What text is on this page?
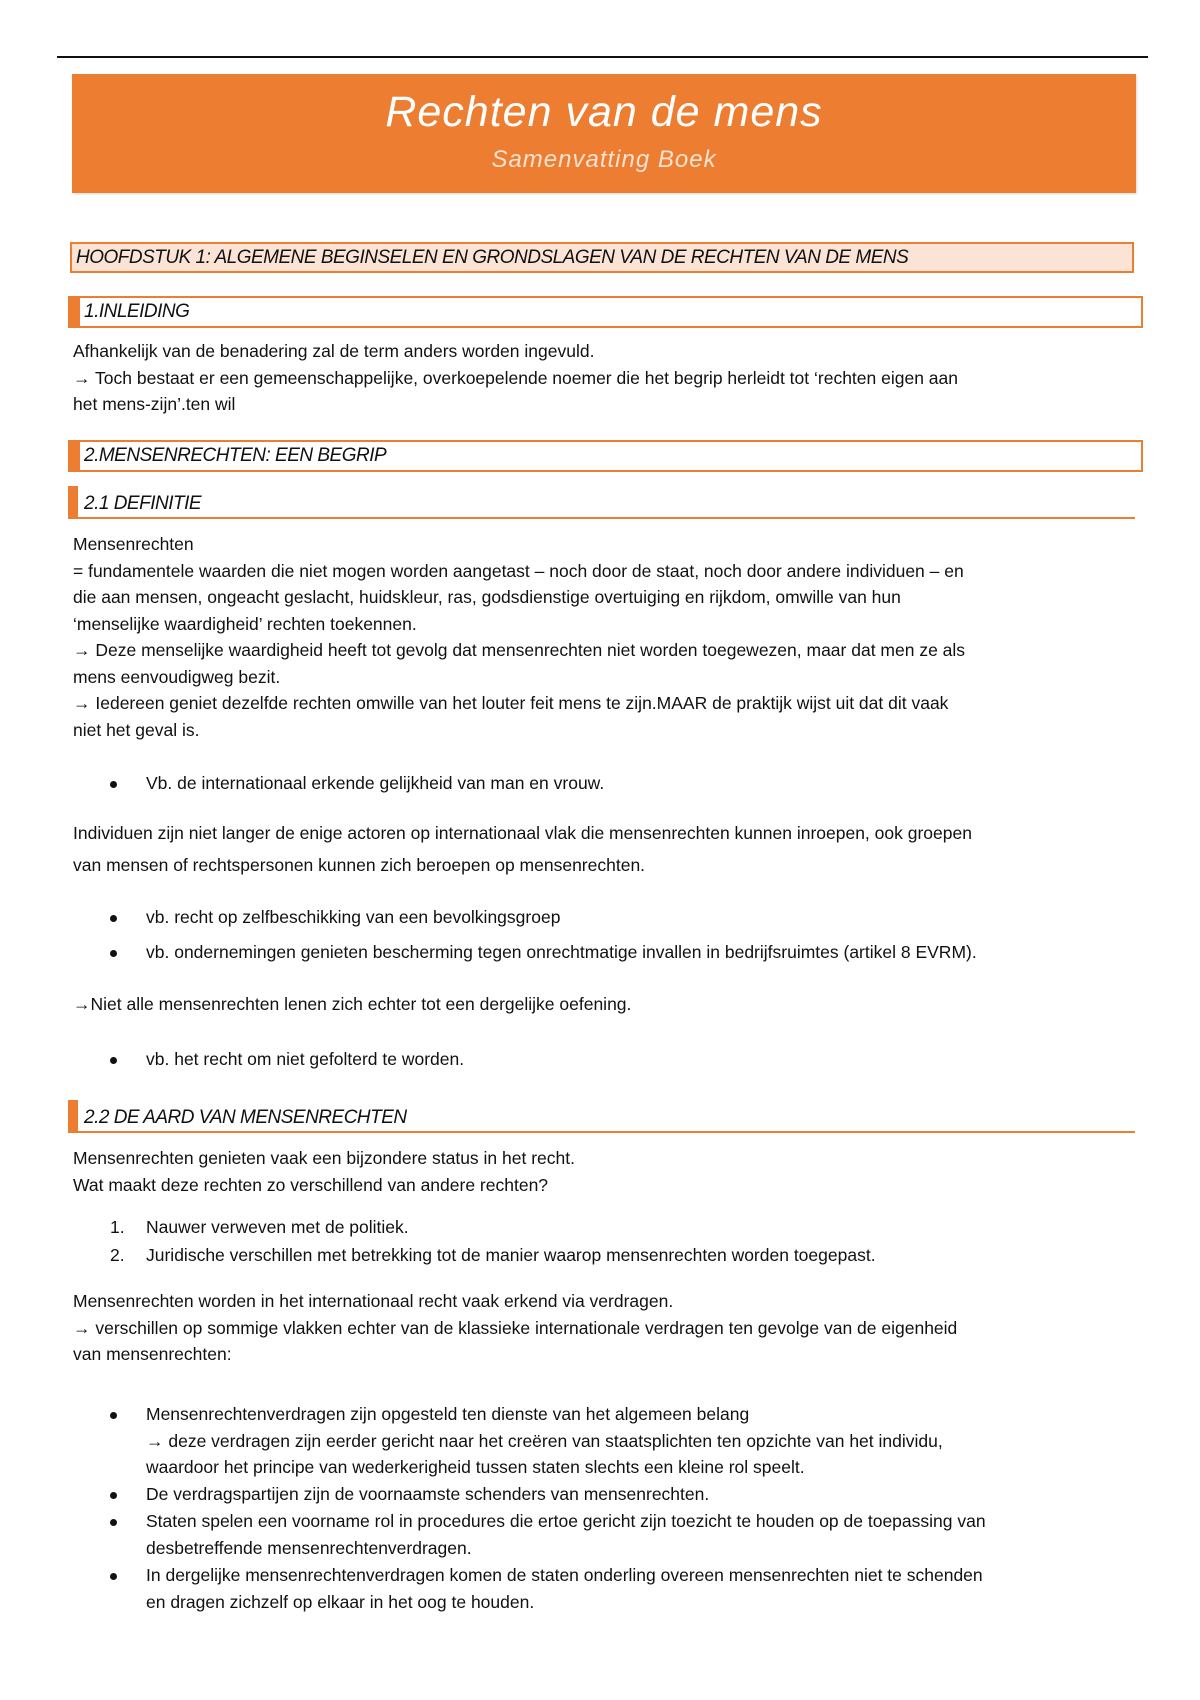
Rechten van de mens
Samenvatting Boek
HOOFDSTUK 1: ALGEMENE BEGINSELEN EN GRONDSLAGEN VAN DE RECHTEN VAN DE MENS
1.INLEIDING
Afhankelijk van de benadering zal de term anders worden ingevuld.
→ Toch bestaat er een gemeenschappelijke, overkoepelende noemer die het begrip herleidt tot ‘rechten eigen aan
het mens-zijn’.ten wil
2.MENSENRECHTEN: EEN BEGRIP
2.1 DEFINITIE
Mensenrechten
= fundamentele waarden die niet mogen worden aangetast – noch door de staat, noch door andere individuen – en
die aan mensen, ongeacht geslacht, huidskleur, ras, godsdienstige overtuiging en rijkdom, omwille van hun
‘menselijke waardigheid’ rechten toekennen.
→ Deze menselijke waardigheid heeft tot gevolg dat mensenrechten niet worden toegewezen, maar dat men ze als
mens eenvoudigweg bezit.
→ Iedereen geniet dezelfde rechten omwille van het louter feit mens te zijn.MAAR de praktijk wijst uit dat dit vaak
niet het geval is.
Vb. de internationaal erkende gelijkheid van man en vrouw.
Individuen zijn niet langer de enige actoren op internationaal vlak die mensenrechten kunnen inroepen, ook groepen
van mensen of rechtspersonen kunnen zich beroepen op mensenrechten.
vb. recht op zelfbeschikking van een bevolkingsgroep
vb. ondernemingen genieten bescherming tegen onrechtmatige invallen in bedrijfsruimtes (artikel 8 EVRM).
→Niet alle mensenrechten lenen zich echter tot een dergelijke oefening.
vb. het recht om niet gefolterd te worden.
2.2 DE AARD VAN MENSENRECHTEN
Mensenrechten genieten vaak een bijzondere status in het recht.
Wat maakt deze rechten zo verschillend van andere rechten?
1. Nauwer verweven met de politiek.
2. Juridische verschillen met betrekking tot de manier waarop mensenrechten worden toegepast.
Mensenrechten worden in het internationaal recht vaak erkend via verdragen.
→ verschillen op sommige vlakken echter van de klassieke internationale verdragen ten gevolge van de eigenheid
van mensenrechten:
Mensenrechtenverdragen zijn opgesteld ten dienste van het algemeen belang
→ deze verdragen zijn eerder gericht naar het creëren van staatsplichten ten opzichte van het individu,
waardoor het principe van wederkerigheid tussen staten slechts een kleine rol speelt.
De verdragspartijen zijn de voornaamste schenders van mensenrechten.
Staten spelen een voorname rol in procedures die ertoe gericht zijn toezicht te houden op de toepassing van
desbetreffende mensenrechtenverdragen.
In dergelijke mensenrechtenverdragen komen de staten onderling overeen mensenrechten niet te schenden
en dragen zichzelf op elkaar in het oog te houden.
